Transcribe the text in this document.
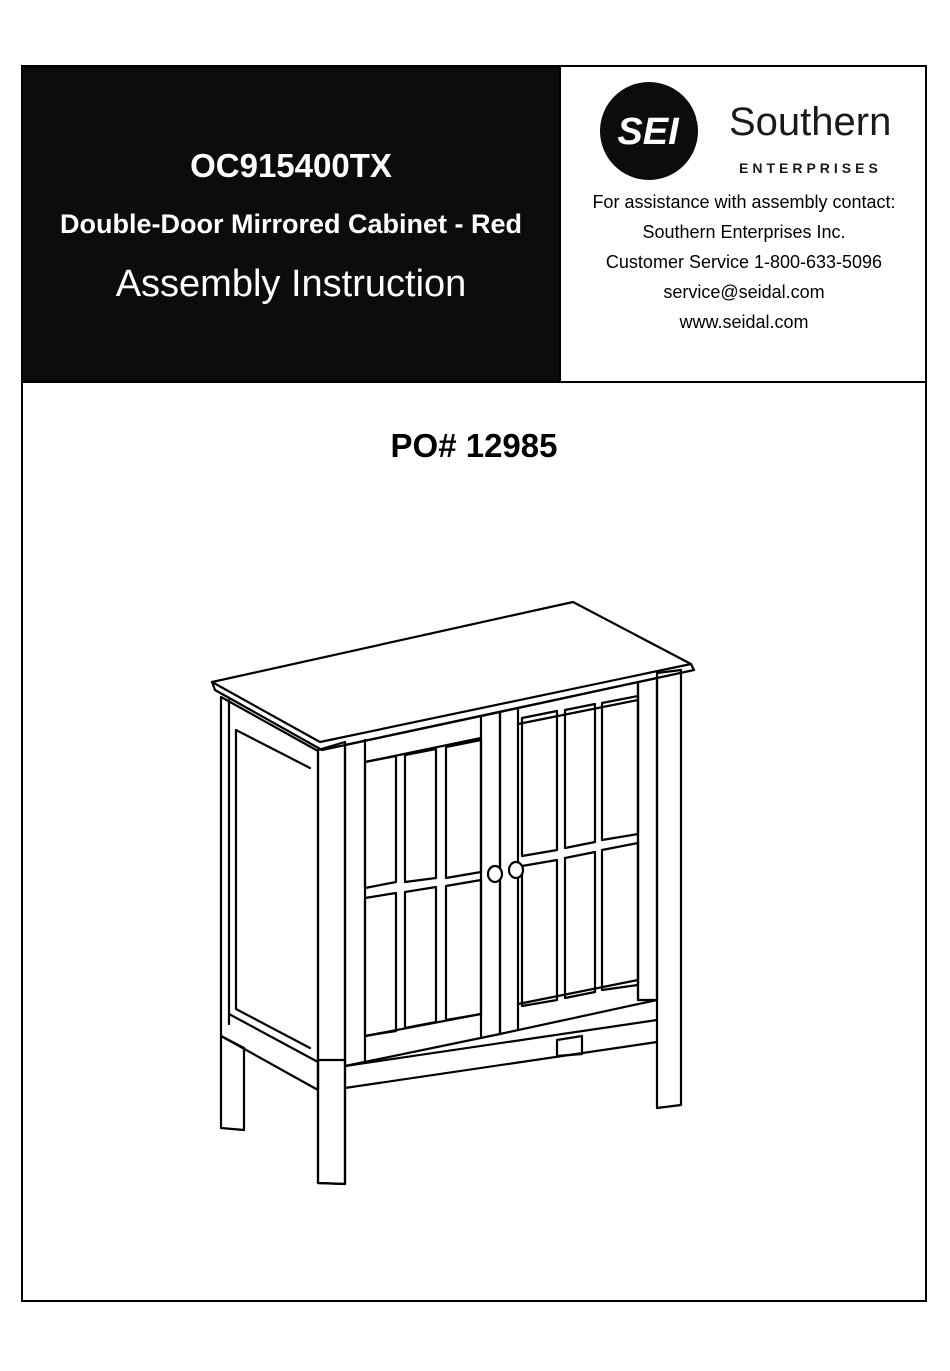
OC915400TX
Double-Door Mirrored Cabinet - Red
Assembly Instruction
SEI Southern
ENTERPRISES
For assistance with assembly contact:
Southern Enterprises Inc.
Customer Service 1-800-633-5096
service@seidal.com
www.seidal.com
PO# 12985
